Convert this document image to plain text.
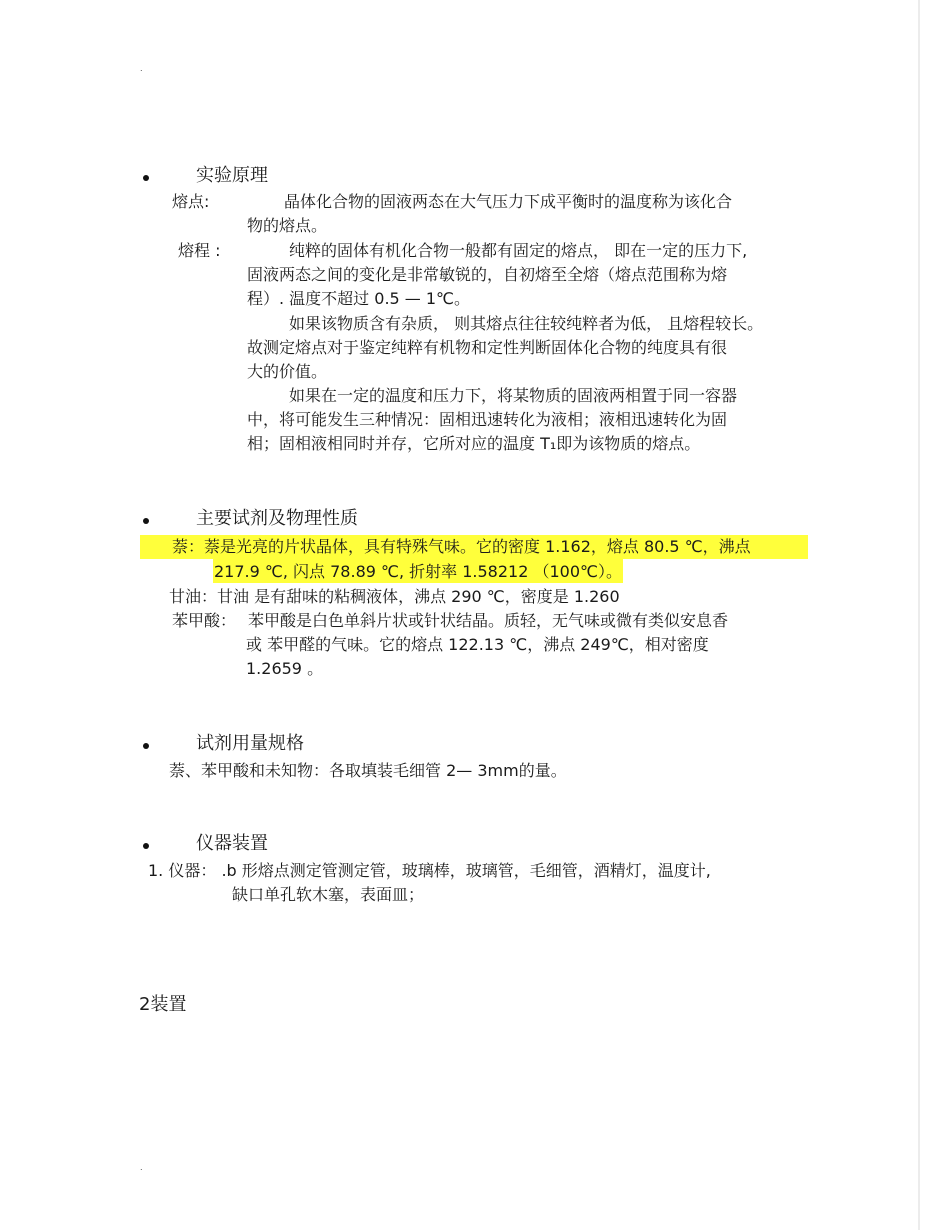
.
.
实验原理
熔点:	晶体化合物的固液两态在大气压力下成平衡时的温度称为该化合
物的熔点。
熔程 :	纯粹的固体有机化合物一般都有固定的熔点， 即在一定的压力下,
固液两态之间的变化是非常敏锐的，自初熔至全熔（熔点范围称为熔
程）. 温度不超过 0.5 — 1℃。
如果该物质含有杂质， 则其熔点往往较纯粹者为低， 且熔程较长。
故测定熔点对于鉴定纯粹有机物和定性判断固体化合物的纯度具有很
大的价值。
如果在一定的温度和压力下，将某物质的固液两相置于同一容器
中，将可能发生三种情况：固相迅速转化为液相；液相迅速转化为固
相；固相液相同时并存，它所对应的温度 T₁即为该物质的熔点。
主要试剂及物理性质
萘：萘是光亮的片状晶体，具有特殊气味。它的密度 1.162，熔点 80.5 ℃，沸点
217.9 ℃, 闪点 78.89 ℃, 折射率 1.58212 （100℃）。
甘油：甘油 是有甜味的粘稠液体，沸点 290 ℃，密度是 1.260
苯甲酸： 苯甲酸是白色单斜片状或针状结晶。质轻，无气味或微有类似安息香
或 苯甲醛的气味。它的熔点 122.13 ℃，沸点 249℃，相对密度
1.2659 。
试剂用量规格
萘、苯甲酸和未知物：各取填装毛细管 2— 3mm的量。
仪器装置
1. 仪器： .b 形熔点测定管测定管，玻璃棒，玻璃管，毛细管，酒精灯，温度计,
缺口单孔软木塞，表面皿；
2装置
